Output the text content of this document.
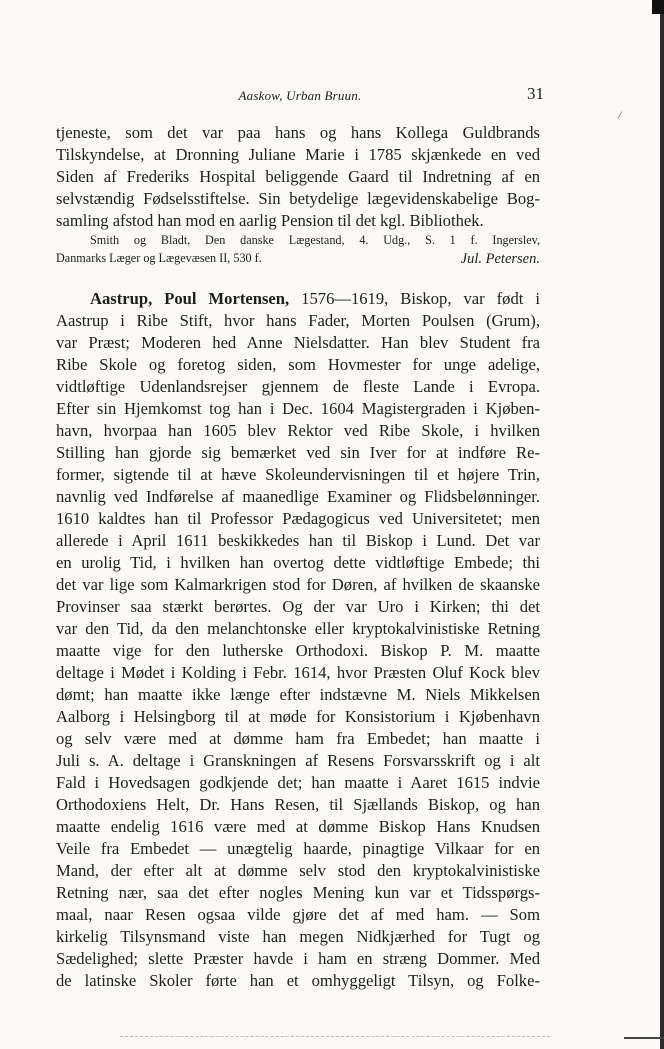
Aaskow, Urban Bruun.	31
/
tjeneste, som det var paa hans og hans Kollega Guldbrands
Tilskyndelse, at Dronning Juliane Marie i 1785 skjænkede en ved
Siden af Frederiks Hospital beliggende Gaard til Indretning af en
selvstændig Fødselsstiftelse. Sin betydelige lægevidenskabelige Bog-
samling afstod han mod en aarlig Pension til det kgl. Bibliothek.
Smith og Bladt, Den danske Lægestand, 4. Udg., S. 1 f. Ingerslev,
Danmarks Læger og Lægevæsen II, 530 f.	Jul. Petersen.
Aastrup, Poul Mortensen, 1576—1619, Biskop, var født i
Aastrup i Ribe Stift, hvor hans Fader, Morten Poulsen (Grum),
var Præst; Moderen hed Anne Nielsdatter. Han blev Student fra
Ribe Skole og foretog siden, som Hovmester for unge adelige,
vidtløftige Udenlandsrejser gjennem de fleste Lande i Evropa.
Efter sin Hjemkomst tog han i Dec. 1604 Magistergraden i Kjøben-
havn, hvorpaa han 1605 blev Rektor ved Ribe Skole, i hvilken
Stilling han gjorde sig bemærket ved sin Iver for at indføre Re-
former, sigtende til at hæve Skoleundervisningen til et højere Trin,
navnlig ved Indførelse af maanedlige Examiner og Flidsbelønninger.
1610 kaldtes han til Professor Pædagogicus ved Universitetet; men
allerede i April 1611 beskikkedes han til Biskop i Lund. Det var
en urolig Tid, i hvilken han overtog dette vidtløftige Embede; thi
det var lige som Kalmarkrigen stod for Døren, af hvilken de skaanske
Provinser saa stærkt berørtes. Og der var Uro i Kirken; thi det
var den Tid, da den melanchtonske eller kryptokalvinistiske Retning
maatte vige for den lutherske Orthodoxi. Biskop P. M. maatte
deltage i Mødet i Kolding i Febr. 1614, hvor Præsten Oluf Kock blev
dømt; han maatte ikke længe efter indstævne M. Niels Mikkelsen
Aalborg i Helsingborg til at møde for Konsistorium i Kjøbenhavn
og selv være med at dømme ham fra Embedet; han maatte i
Juli s. A. deltage i Granskningen af Resens Forsvarsskrift og i alt
Fald i Hovedsagen godkjende det; han maatte i Aaret 1615 indvie
Orthodoxiens Helt, Dr. Hans Resen, til Sjællands Biskop, og han
maatte endelig 1616 være med at dømme Biskop Hans Knudsen
Veile fra Embedet — unægtelig haarde, pinagtige Vilkaar for en
Mand, der efter alt at dømme selv stod den kryptokalvinistiske
Retning nær, saa det efter nogles Mening kun var et Tidsspørgs-
maal, naar Resen ogsaa vilde gjøre det af med ham. — Som
kirkelig Tilsynsmand viste han megen Nidkjærhed for Tugt og
Sædelighed; slette Præster havde i ham en stræng Dommer. Med
de latinske Skoler førte han et omhyggeligt Tilsyn, og Folke-
